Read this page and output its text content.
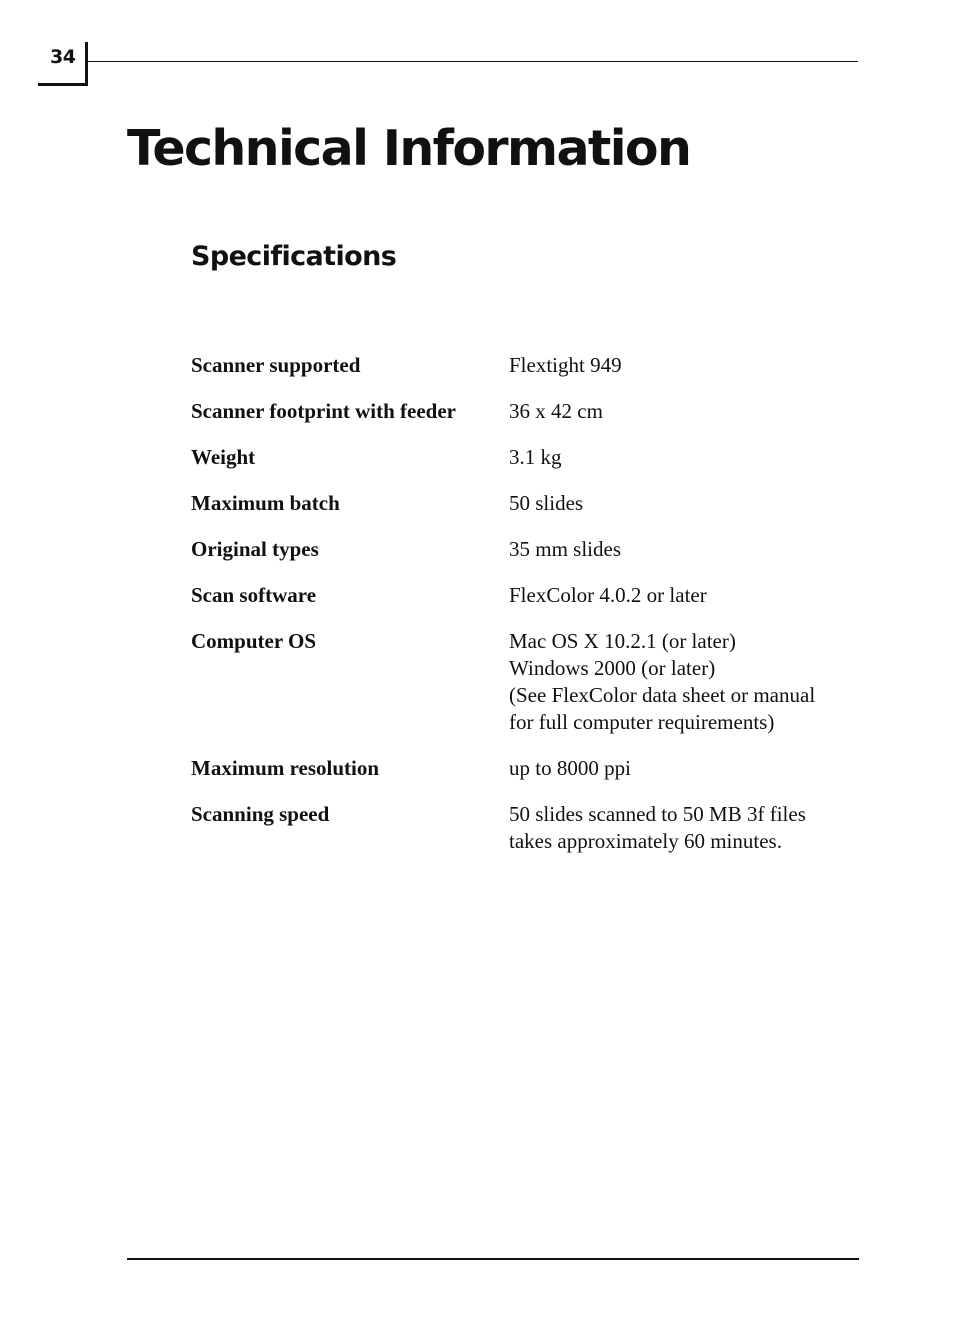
34
Technical Information
Specifications
Scanner supported	Flextight 949
Scanner footprint with feeder	36 x 42 cm
Weight	3.1 kg
Maximum batch	50 slides
Original types	35 mm slides
Scan software	FlexColor 4.0.2 or later
Computer OS	Mac OS X 10.2.1 (or later)
Windows 2000 (or later)
(See FlexColor data sheet or manual
for full computer requirements)
Maximum resolution	up to 8000 ppi
Scanning speed	50 slides scanned to 50 MB 3f files
takes approximately 60 minutes.
